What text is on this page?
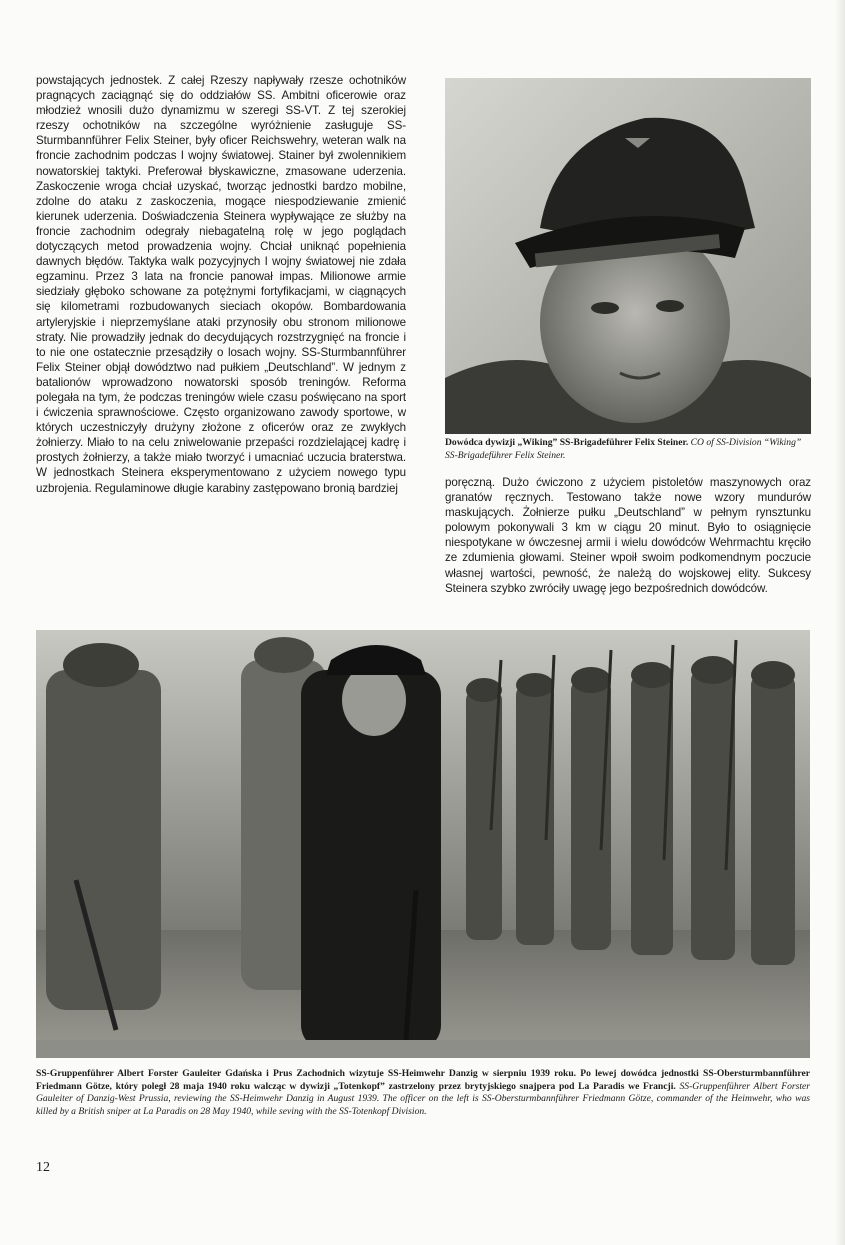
powstających jednostek. Z całej Rzeszy napływały rzesze ochotników pragnących zaciągnąć się do oddziałów SS. Ambitni oficerowie oraz młodzież wnosili dużo dynamizmu w szeregi SS-VT. Z tej szerokiej rzeszy ochotników na szczególne wyróżnienie zasługuje SS-Sturmbannführer Felix Steiner, były oficer Reichswehry, weteran walk na froncie zachodnim podczas I wojny światowej. Stainer był zwolennikiem nowatorskiej taktyki. Preferował błyskawiczne, zmasowane uderzenia. Zaskoczenie wroga chciał uzyskać, tworząc jednostki bardzo mobilne, zdolne do ataku z zaskoczenia, mogące niespodziewanie zmienić kierunek uderzenia. Doświadczenia Steinera wypływające ze służby na froncie zachodnim odegrały niebagatelną rolę w jego poglądach dotyczących metod prowadzenia wojny. Chciał uniknąć popełnienia dawnych błędów. Taktyka walk pozycyjnych I wojny światowej nie zdała egzaminu. Przez 3 lata na froncie panował impas. Milionowe armie siedziały głęboko schowane za potężnymi fortyfikacjami, w ciągnących się kilometrami rozbudowanych sieciach okopów. Bombardowania artyleryjskie i nieprzemyślane ataki przynosiły obu stronom milionowe straty. Nie prowadziły jednak do decydujących rozstrzygnięć na froncie i to nie one ostatecznie przesądziły o losach wojny. SS-Sturmbannführer Felix Steiner objął dowództwo nad pułkiem „Deutschland”. W jednym z batalionów wprowadzono nowatorski sposób treningów. Reforma polegała na tym, że podczas treningów wiele czasu poświęcano na sport i ćwiczenia sprawnościowe. Często organizowano zawody sportowe, w których uczestniczyły drużyny złożone z oficerów oraz ze zwykłych żołnierzy. Miało to na celu zniwelowanie przepaści rozdzielającej kadrę i prostych żołnierzy, a także miało tworzyć i umacniać uczucia braterstwa. W jednostkach Steinera eksperymentowano z użyciem nowego typu uzbrojenia. Regulaminowe długie karabiny zastępowano bronią bardziej

Dowódca dywizji „Wiking” SS-Brigadeführer Felix Steiner. CO of SS-Division “Wiking” SS-Brigadeführer Felix Steiner.

poręczną. Dużo ćwiczono z użyciem pistoletów maszynowych oraz granatów ręcznych. Testowano także nowe wzory mundurów maskujących. Żołnierze pułku „Deutschland” w pełnym rynsztunku polowym pokonywali 3 km w ciągu 20 minut. Było to osiągnięcie niespotykane w ówczesnej armii i wielu dowódców Wehrmachtu kręciło ze zdumienia głowami. Steiner wpoił swoim podkomendnym poczucie własnej wartości, pewność, że należą do wojskowej elity. Sukcesy Steinera szybko zwróciły uwagę jego bezpośrednich dowódców.

SS-Gruppenführer Albert Forster Gauleiter Gdańska i Prus Zachodnich wizytuje SS-Heimwehr Danzig w sierpniu 1939 roku. Po lewej dowódca jednostki SS-Obersturmbannführer Friedmann Götze, który poległ 28 maja 1940 roku walcząc w dywizji „Totenkopf” zastrzelony przez brytyjskiego snajpera pod La Paradis we Francji. SS-Gruppenführer Albert Forster Gauleiter of Danzig-West Prussia, reviewing the SS-Heimwehr Danzig in August 1939. The officer on the left is SS-Obersturmbannführer Friedmann Götze, commander of the Heimwehr, who was killed by a British sniper at La Paradis on 28 May 1940, while seving with the SS-Totenkopf Division.
12
